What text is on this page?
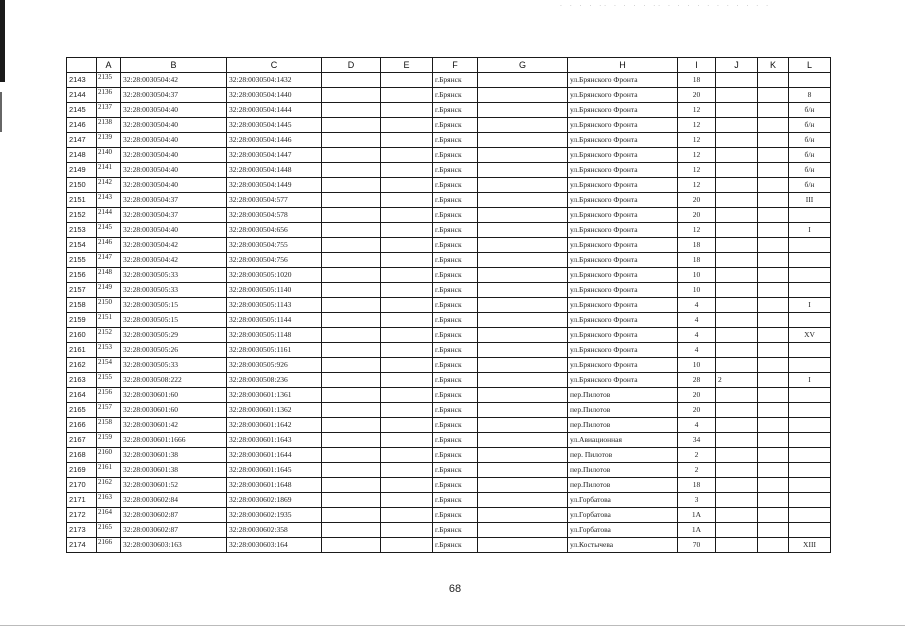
· · · · ·· · · · · ·· · · · · · · · · · · ·
	A	B	C	D	E	F	G	H	I	J	K	L
2143	2135	32:28:0030504:42	32:28:0030504:1432			г.Брянск		ул.Брянского Фронта	18			
2144	2136	32:28:0030504:37	32:28:0030504:1440			г.Брянск		ул.Брянского Фронта	20			8
2145	2137	32:28:0030504:40	32:28:0030504:1444			г.Брянск		ул.Брянского Фронта	12			б/н
2146	2138	32:28:0030504:40	32:28:0030504:1445			г.Брянск		ул.Брянского Фронта	12			б/н
2147	2139	32:28:0030504:40	32:28:0030504:1446			г.Брянск		ул.Брянского Фронта	12			б/н
2148	2140	32:28:0030504:40	32:28:0030504:1447			г.Брянск		ул.Брянского Фронта	12			б/н
2149	2141	32:28:0030504:40	32:28:0030504:1448			г.Брянск		ул.Брянского Фронта	12			б/н
2150	2142	32:28:0030504:40	32:28:0030504:1449			г.Брянск		ул.Брянского Фронта	12			б/н
2151	2143	32:28:0030504:37	32:28:0030504:577			г.Брянск		ул.Брянского Фронта	20			III
2152	2144	32:28:0030504:37	32:28:0030504:578			г.Брянск		ул.Брянского Фронта	20			
2153	2145	32:28:0030504:40	32:28:0030504:656			г.Брянск		ул.Брянского Фронта	12			I
2154	2146	32:28:0030504:42	32:28:0030504:755			г.Брянск		ул.Брянского Фронта	18			
2155	2147	32:28:0030504:42	32:28:0030504:756			г.Брянск		ул.Брянского Фронта	18			
2156	2148	32:28:0030505:33	32:28:0030505:1020			г.Брянск		ул.Брянского Фронта	10			
2157	2149	32:28:0030505:33	32:28:0030505:1140			г.Брянск		ул.Брянского Фронта	10			
2158	2150	32:28:0030505:15	32:28:0030505:1143			г.Брянск		ул.Брянского Фронта	4			I
2159	2151	32:28:0030505:15	32:28:0030505:1144			г.Брянск		ул.Брянского Фронта	4			
2160	2152	32:28:0030505:29	32:28:0030505:1148			г.Брянск		ул.Брянского Фронта	4			XV
2161	2153	32:28:0030505:26	32:28:0030505:1161			г.Брянск		ул.Брянского Фронта	4			
2162	2154	32:28:0030505:33	32:28:0030505:926			г.Брянск		ул.Брянского Фронта	10			
2163	2155	32:28:0030508:222	32:28:0030508:236			г.Брянск		ул.Брянского Фронта	28	2		I
2164	2156	32:28:0030601:60	32:28:0030601:1361			г.Брянск		пер.Пилотов	20			
2165	2157	32:28:0030601:60	32:28:0030601:1362			г.Брянск		пер.Пилотов	20			
2166	2158	32:28:0030601:42	32:28:0030601:1642			г.Брянск		пер.Пилотов	4			
2167	2159	32:28:0030601:1666	32:28:0030601:1643			г.Брянск		ул.Авиационная	34			
2168	2160	32:28:0030601:38	32:28:0030601:1644			г.Брянск		пер. Пилотов	2			
2169	2161	32:28:0030601:38	32:28:0030601:1645			г.Брянск		пер.Пилотов	2			
2170	2162	32:28:0030601:52	32:28:0030601:1648			г.Брянск		пер.Пилотов	18			
2171	2163	32:28:0030602:84	32:28:0030602:1869			г.Брянск		ул.Горбатова	3			
2172	2164	32:28:0030602:87	32:28:0030602:1935			г.Брянск		ул.Горбатова	1А			
2173	2165	32:28:0030602:87	32:28:0030602:358			г.Брянск		ул.Горбатова	1А			
2174	2166	32:28:0030603:163	32:28:0030603:164			г.Брянск		ул.Костычева	70			XIII
68
